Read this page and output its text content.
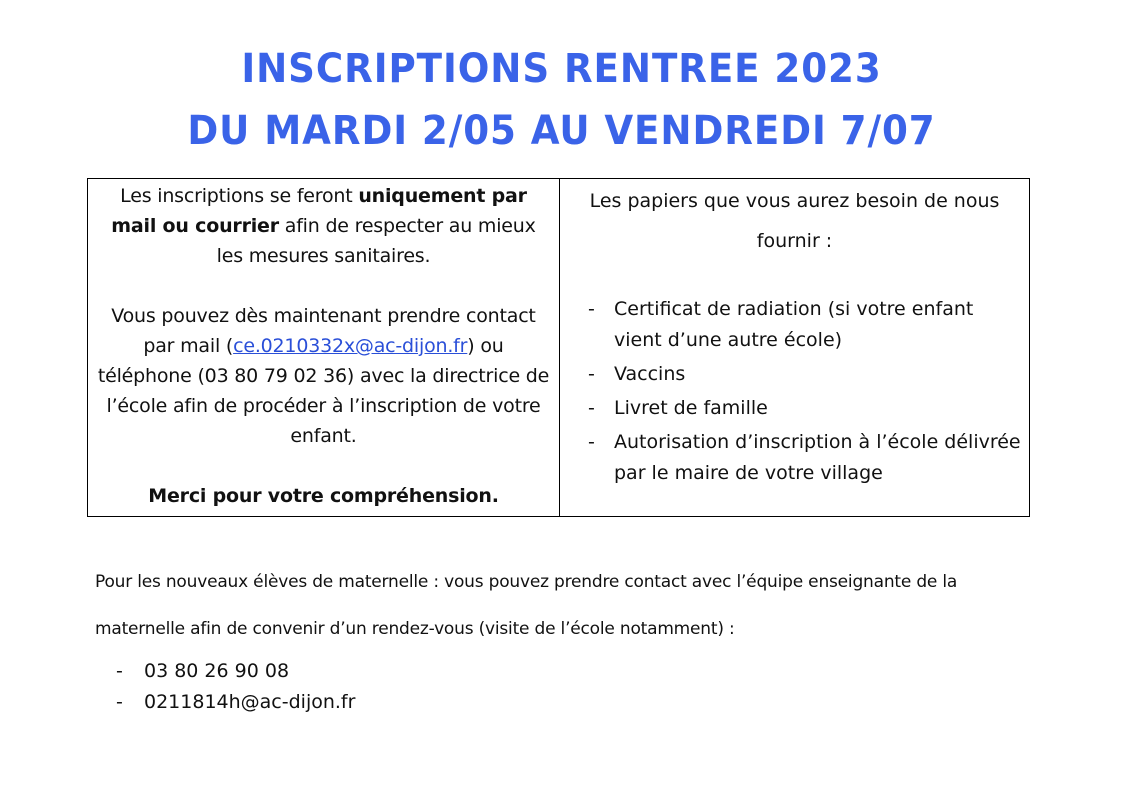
INSCRIPTIONS RENTREE 2023
DU MARDI 2/05 AU VENDREDI 7/07
Les inscriptions se feront uniquement par mail ou courrier afin de respecter au mieux les mesures sanitaires.
Vous pouvez dès maintenant prendre contact par mail (ce.0210332x@ac-dijon.fr) ou téléphone (03 80 79 02 36) avec la directrice de l’école afin de procéder à l’inscription de votre enfant.
Merci pour votre compréhension.
Les papiers que vous aurez besoin de nous fournir :
- Certificat de radiation (si votre enfant vient d’une autre école)
- Vaccins
- Livret de famille
- Autorisation d’inscription à l’école délivrée par le maire de votre village
Pour les nouveaux élèves de maternelle : vous pouvez prendre contact avec l’équipe enseignante de la
maternelle afin de convenir d’un rendez-vous (visite de l’école notamment) :
- 03 80 26 90 08
- 0211814h@ac-dijon.fr
